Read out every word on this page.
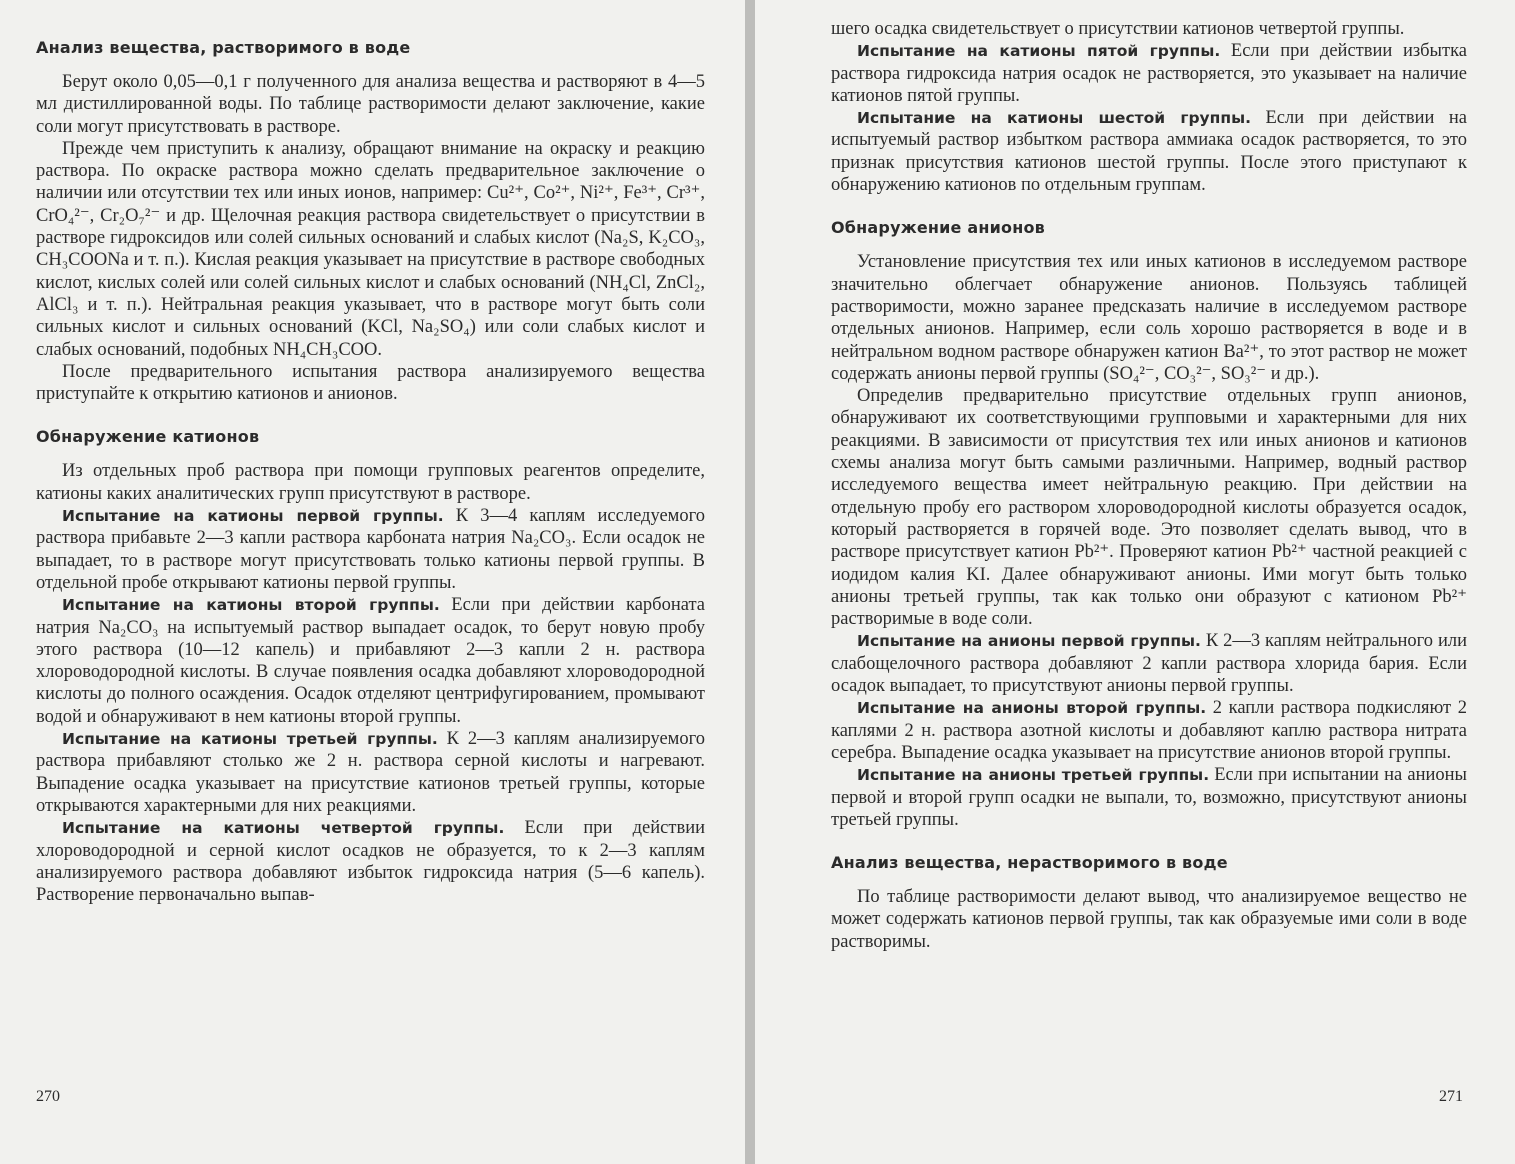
Анализ вещества, растворимого в воде

Берут около 0,05—0,1 г полученного для анализа вещества и растворяют в 4—5 мл дистиллированной воды. По таблице растворимости делают заключение, какие соли могут присутствовать в растворе.

Прежде чем приступить к анализу, обращают внимание на окраску и реакцию раствора. По окраске раствора можно сделать предварительное заключение о наличии или отсутствии тех или иных ионов, например: Cu²⁺, Co²⁺, Ni²⁺, Fe³⁺, Cr³⁺, CrO₄²⁻, Cr₂O₇²⁻ и др. Щелочная реакция раствора свидетельствует о присутствии в растворе гидроксидов или солей сильных оснований и слабых кислот (Na₂S, K₂CO₃, CH₃COONa и т. п.). Кислая реакция указывает на присутствие в растворе свободных кислот, кислых солей или солей сильных кислот и слабых оснований (NH₄Cl, ZnCl₂, AlCl₃ и т. п.). Нейтральная реакция указывает, что в растворе могут быть соли сильных кислот и сильных оснований (KCl, Na₂SO₄) или соли слабых кислот и слабых оснований, подобных NH₄CH₃COO.

После предварительного испытания раствора анализируемого вещества приступайте к открытию катионов и анионов.

Обнаружение катионов

Из отдельных проб раствора при помощи групповых реагентов определите, катионы каких аналитических групп присутствуют в растворе.

Испытание на катионы первой группы. К 3—4 каплям исследуемого раствора прибавьте 2—3 капли раствора карбоната натрия Na₂CO₃. Если осадок не выпадает, то в растворе могут присутствовать только катионы первой группы. В отдельной пробе открывают катионы первой группы.

Испытание на катионы второй группы. Если при действии карбоната натрия Na₂CO₃ на испытуемый раствор выпадает осадок, то берут новую пробу этого раствора (10—12 капель) и прибавляют 2—3 капли 2 н. раствора хлороводородной кислоты. В случае появления осадка добавляют хлороводородной кислоты до полного осаждения. Осадок отделяют центрифугированием, промывают водой и обнаруживают в нем катионы второй группы.

Испытание на катионы третьей группы. К 2—3 каплям анализируемого раствора прибавляют столько же 2 н. раствора серной кислоты и нагревают. Выпадение осадка указывает на присутствие катионов третьей группы, которые открываются характерными для них реакциями.

Испытание на катионы четвертой группы. Если при действии хлороводородной и серной кислот осадков не образуется, то к 2—3 каплям анализируемого раствора добавляют избыток гидроксида натрия (5—6 капель). Растворение первоначально выпав-

270

шего осадка свидетельствует о присутствии катионов четвертой группы.

Испытание на катионы пятой группы. Если при действии избытка раствора гидроксида натрия осадок не растворяется, это указывает на наличие катионов пятой группы.

Испытание на катионы шестой группы. Если при действии на испытуемый раствор избытком раствора аммиака осадок растворяется, то это признак присутствия катионов шестой группы. После этого приступают к обнаружению катионов по отдельным группам.

Обнаружение анионов

Установление присутствия тех или иных катионов в исследуемом растворе значительно облегчает обнаружение анионов. Пользуясь таблицей растворимости, можно заранее предсказать наличие в исследуемом растворе отдельных анионов. Например, если соль хорошо растворяется в воде и в нейтральном водном растворе обнаружен катион Ba²⁺, то этот раствор не может содержать анионы первой группы (SO₄²⁻, CO₃²⁻, SO₃²⁻ и др.).

Определив предварительно присутствие отдельных групп анионов, обнаруживают их соответствующими групповыми и характерными для них реакциями. В зависимости от присутствия тех или иных анионов и катионов схемы анализа могут быть самыми различными. Например, водный раствор исследуемого вещества имеет нейтральную реакцию. При действии на отдельную пробу его раствором хлороводородной кислоты образуется осадок, который растворяется в горячей воде. Это позволяет сделать вывод, что в растворе присутствует катион Pb²⁺. Проверяют катион Pb²⁺ частной реакцией с иодидом калия KI. Далее обнаруживают анионы. Ими могут быть только анионы третьей группы, так как только они образуют с катионом Pb²⁺ растворимые в воде соли.

Испытание на анионы первой группы. К 2—3 каплям нейтрального или слабощелочного раствора добавляют 2 капли раствора хлорида бария. Если осадок выпадает, то присутствуют анионы первой группы.

Испытание на анионы второй группы. 2 капли раствора подкисляют 2 каплями 2 н. раствора азотной кислоты и добавляют каплю раствора нитрата серебра. Выпадение осадка указывает на присутствие анионов второй группы.

Испытание на анионы третьей группы. Если при испытании на анионы первой и второй групп осадки не выпали, то, возможно, присутствуют анионы третьей группы.

Анализ вещества, нерастворимого в воде

По таблице растворимости делают вывод, что анализируемое вещество не может содержать катионов первой группы, так как образуемые ими соли в воде растворимы.

271
